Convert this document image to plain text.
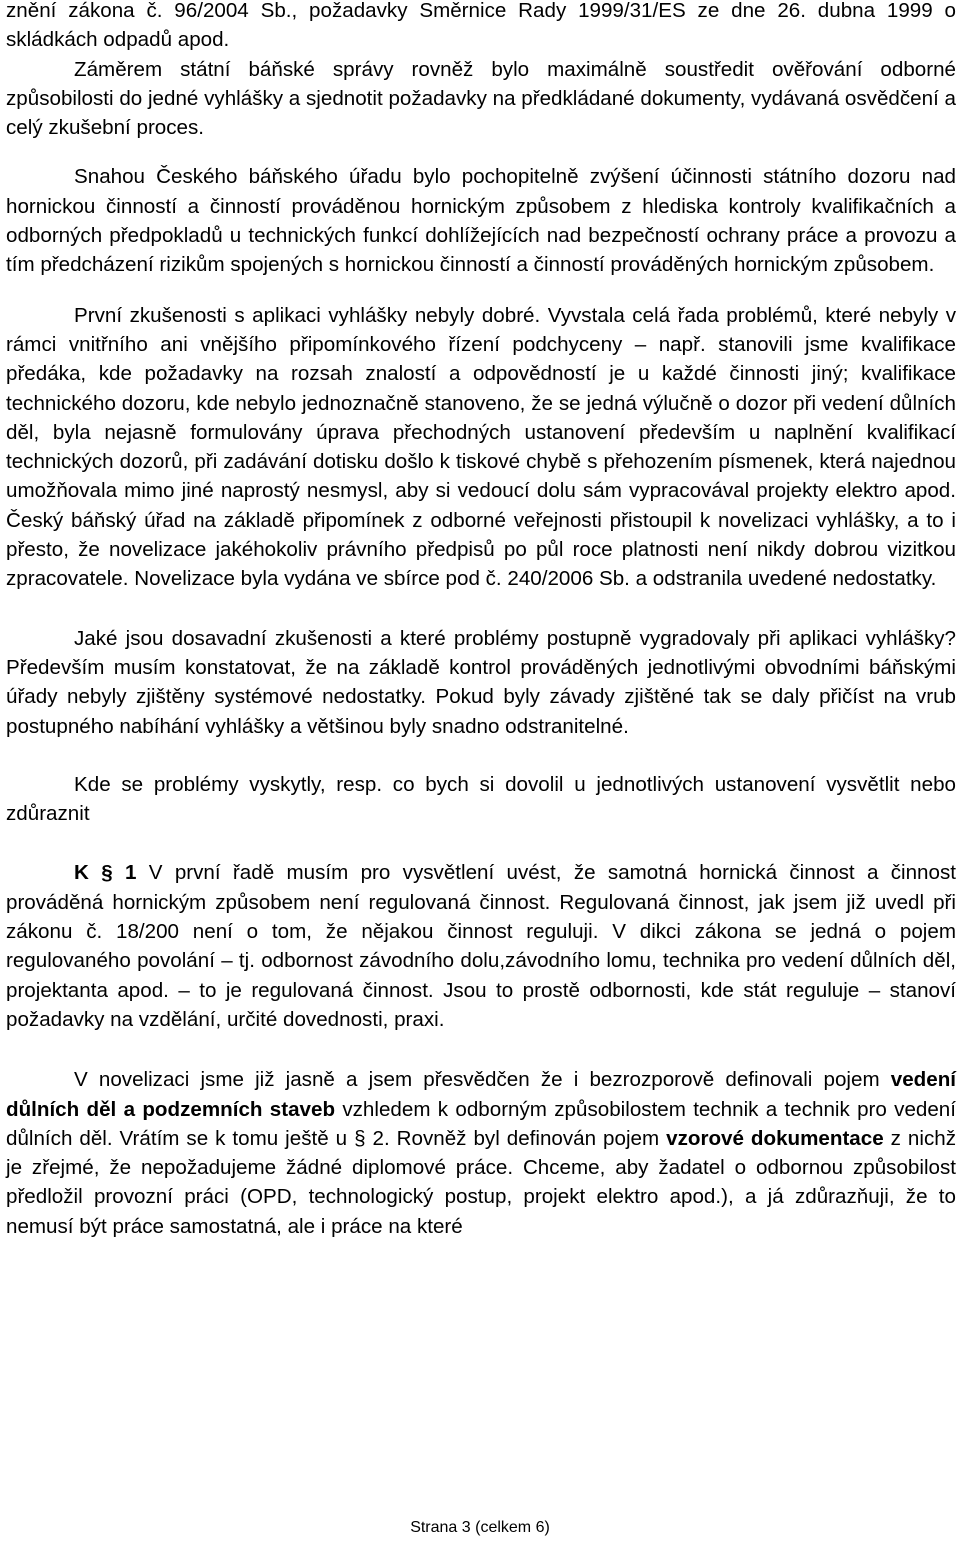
znění zákona č. 96/2004 Sb., požadavky Směrnice Rady 1999/31/ES ze dne 26. dubna 1999 o skládkách odpadů apod.

Záměrem státní báňské správy rovněž bylo maximálně soustředit ověřování odborné způsobilosti do jedné vyhlášky a sjednotit požadavky na předkládané dokumenty, vydávaná osvědčení a celý zkušební proces.

Snahou Českého báňského úřadu bylo pochopitelně zvýšení účinnosti státního dozoru nad hornickou činností a činností prováděnou hornickým způsobem z hlediska kontroly kvalifikačních a odborných předpokladů u technických funkcí dohlížejících nad bezpečností ochrany práce a provozu a tím předcházení rizikům spojených s hornickou činností a činností prováděných hornickým způsobem.

První zkušenosti s aplikaci vyhlášky nebyly dobré. Vyvstala celá řada problémů, které nebyly v rámci vnitřního ani vnějšího připomínkového řízení podchyceny – např. stanovili jsme kvalifikace předáka, kde požadavky na rozsah znalostí a odpovědností je u každé činnosti jiný; kvalifikace technického dozoru, kde nebylo jednoznačně stanoveno, že se jedná výlučně o dozor při vedení důlních děl, byla nejasně formulovány úprava přechodných ustanovení především u naplnění kvalifikací technických dozorů, při zadávání dotisku došlo k tiskové chybě s přehozením písmenek, která najednou umožňovala mimo jiné naprostý nesmysl, aby si vedoucí dolu sám vypracovával projekty elektro apod. Český báňský úřad na základě připomínek z odborné veřejnosti přistoupil k novelizaci vyhlášky, a to i přesto, že novelizace jakéhokoliv právního předpisů po půl roce platnosti není nikdy dobrou vizitkou zpracovatele. Novelizace byla vydána ve sbírce pod č. 240/2006 Sb. a odstranila uvedené nedostatky.

Jaké jsou dosavadní zkušenosti a které problémy postupně vygradovaly při aplikaci vyhlášky? Především musím konstatovat, že na základě kontrol prováděných jednotlivými obvodními báňskými úřady nebyly zjištěny systémové nedostatky. Pokud byly závady zjištěné tak se daly přičíst na vrub postupného nabíhání vyhlášky a většinou byly snadno odstranitelné.

Kde se problémy vyskytly, resp. co bych si dovolil u jednotlivých ustanovení vysvětlit nebo zdůraznit

K § 1 V první řadě musím pro vysvětlení uvést, že samotná hornická činnost a činnost prováděná hornickým způsobem není regulovaná činnost. Regulovaná činnost, jak jsem již uvedl při zákonu č. 18/200 není o tom, že nějakou činnost reguluji. V dikci zákona se jedná o pojem regulovaného povolání – tj. odbornost závodního dolu,závodního lomu, technika pro vedení důlních děl, projektanta apod. – to je regulovaná činnost. Jsou to prostě odbornosti, kde stát reguluje – stanoví požadavky na vzdělání, určité dovednosti, praxi.

V novelizaci jsme již jasně a jsem přesvědčen že i bezrozporově definovali pojem vedení důlních děl a podzemních staveb vzhledem k odborným způsobilostem technik a technik pro vedení důlních děl. Vrátím se k tomu ještě u § 2. Rovněž byl definován pojem vzorové dokumentace z nichž je zřejmé, že nepožadujeme žádné diplomové práce. Chceme, aby žadatel o odbornou způsobilost předložil provozní práci (OPD, technologický postup, projekt elektro apod.), a já zdůrazňuji, že to nemusí být práce samostatná, ale i práce na které

Strana 3 (celkem 6)
